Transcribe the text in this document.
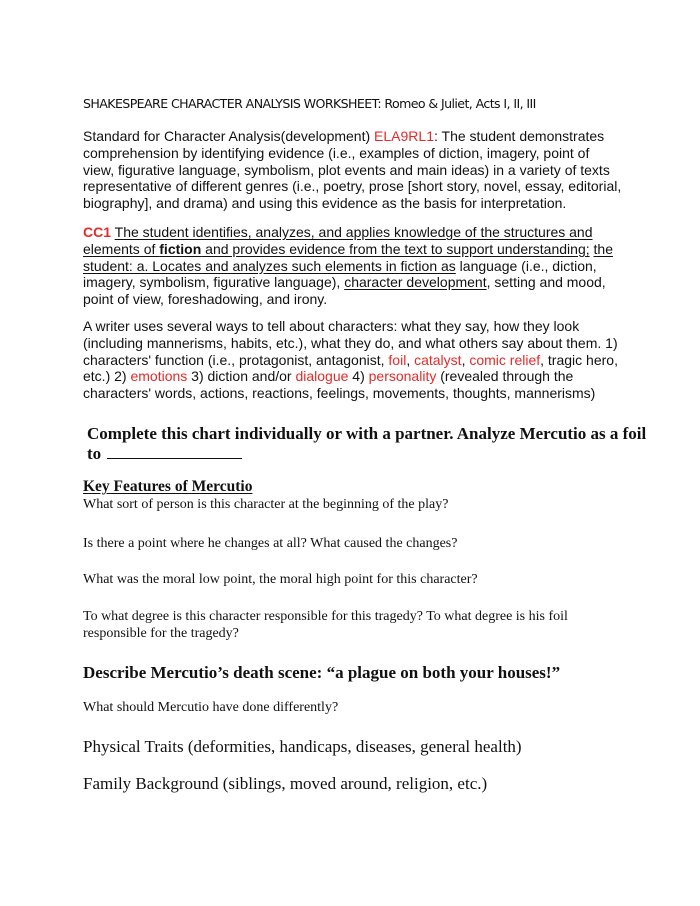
SHAKESPEARE CHARACTER ANALYSIS WORKSHEET: Romeo & Juliet, Acts I, II, III
Standard for Character Analysis(development) ELA9RL1: The student demonstrates comprehension by identifying evidence (i.e., examples of diction, imagery, point of view, figurative language, symbolism, plot events and main ideas) in a variety of texts representative of different genres (i.e., poetry, prose [short story, novel, essay, editorial, biography], and drama) and using this evidence as the basis for interpretation.
CC1 The student identifies, analyzes, and applies knowledge of the structures and elements of fiction and provides evidence from the text to support understanding; the student: a. Locates and analyzes such elements in fiction as language (i.e., diction, imagery, symbolism, figurative language), character development, setting and mood, point of view, foreshadowing, and irony.
A writer uses several ways to tell about characters: what they say, how they look (including mannerisms, habits, etc.), what they do, and what others say about them. 1) characters' function (i.e., protagonist, antagonist, foil, catalyst, comic relief, tragic hero, etc.) 2) emotions 3) diction and/or dialogue 4) personality (revealed through the characters' words, actions, reactions, feelings, movements, thoughts, mannerisms)
Complete this chart individually or with a partner. Analyze Mercutio as a foil to
Key Features of Mercutio
What sort of person is this character at the beginning of the play?
Is there a point where he changes at all? What caused the changes?
What was the moral low point, the moral high point for this character?
To what degree is this character responsible for this tragedy? To what degree is his foil responsible for the tragedy?
Describe Mercutio’s death scene: “a plague on both your houses!”
What should Mercutio have done differently?
Physical Traits (deformities, handicaps, diseases, general health)
Family Background (siblings, moved around, religion, etc.)
